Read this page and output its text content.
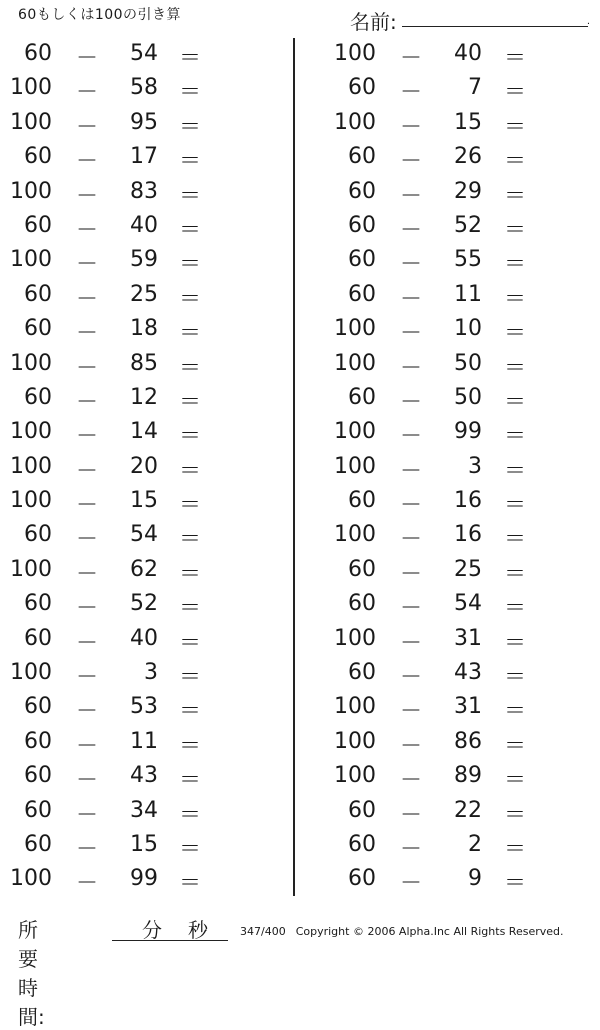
60もしくは100の引き算	名前:	.
60 －	54 ＝
100 －	58 ＝
100 －	95 ＝
60 －	17 ＝
100 －	83 ＝
60 －	40 ＝
100 －	59 ＝
60 －	25 ＝
60 －	18 ＝
100 －	85 ＝
60 －	12 ＝
100 －	14 ＝
100 －	20 ＝
100 －	15 ＝
60 －	54 ＝
100 －	62 ＝
60 －	52 ＝
60 －	40 ＝
100 －	3 ＝
60 －	53 ＝
60 －	11 ＝
60 －	43 ＝
60 －	34 ＝
60 －	15 ＝
100 －	99 ＝
100 －	40 ＝
60 －	7 ＝
100 －	15 ＝
60 －	26 ＝
60 －	29 ＝
60 －	52 ＝
60 －	55 ＝
60 －	11 ＝
100 －	10 ＝
100 －	50 ＝
60 －	50 ＝
100 －	99 ＝
100 －	3 ＝
60 －	16 ＝
100 －	16 ＝
60 －	25 ＝
60 －	54 ＝
100 －	31 ＝
60 －	43 ＝
100 －	31 ＝
100 －	86 ＝
100 －	89 ＝
60 －	22 ＝
60 －	2 ＝
60 －	9 ＝
所要時間:
分 秒	347/400 Copyright © 2006 Alpha.Inc All Rights Reserved.
